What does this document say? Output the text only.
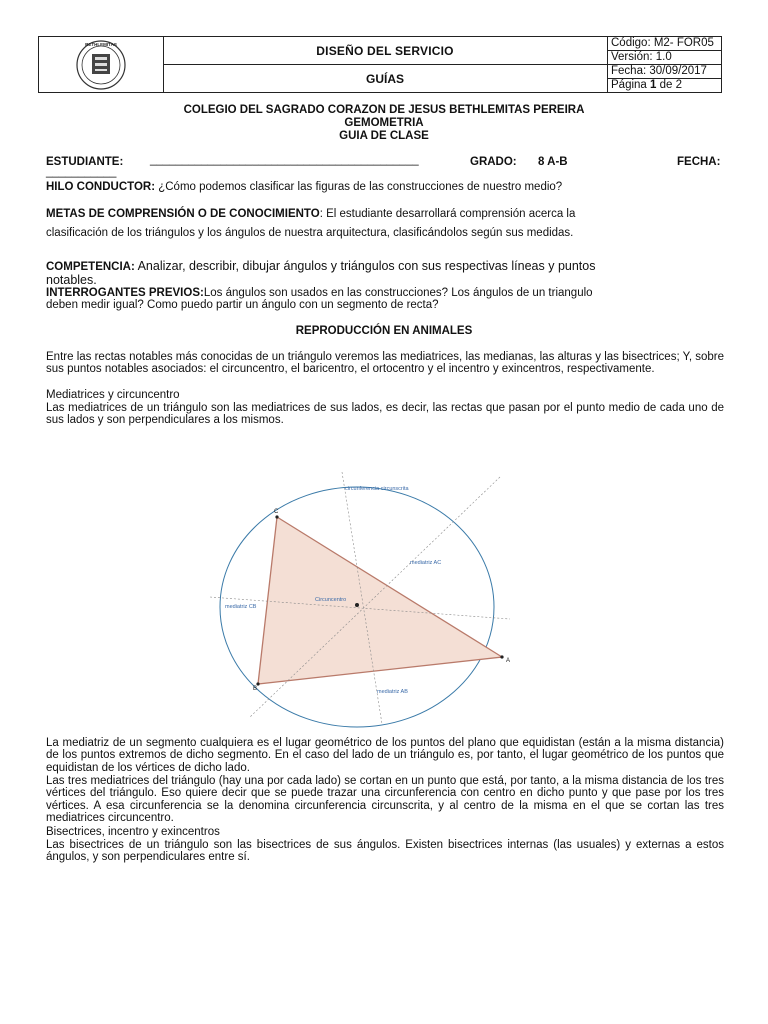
BETHLEMITAS	DISEÑO DEL SERVICIO
GUÍAS
Código: M2- FOR05
Versión: 1.0
Fecha: 30/09/2017
Página 1 de 2
COLEGIO DEL SAGRADO CORAZON DE JESUS BETHLEMITAS PEREIRA
GEMOMETRIA
GUIA DE CLASE
ESTUDIANTE: __________________________________________	GRADO: 8 A-B	FECHA:
___________
HILO CONDUCTOR: ¿Cómo podemos clasificar las figuras de las construcciones de nuestro medio?
METAS DE COMPRENSIÓN O DE CONOCIMIENTO: El estudiante desarrollará comprensión acerca la
clasificación de los triángulos y los ángulos de nuestra arquitectura, clasificándolos según sus medidas.
COMPETENCIA: Analizar, describir, dibujar ángulos y triángulos con sus respectivas líneas y puntos
notables.
INTERROGANTES PREVIOS:Los ángulos son usados en las construcciones? Los ángulos de un triangulo
deben medir igual? Como puedo partir un ángulo con un segmento de recta?
REPRODUCCIÓN EN ANIMALES
Entre las rectas notables más conocidas de un triángulo veremos las mediatrices, las medianas, las alturas y las bisectrices; Y, sobre sus puntos notables asociados: el circuncentro, el baricentro, el ortocentro y el incentro y exincentros, respectivamente.
Mediatrices y circuncentro
Las mediatrices de un triángulo son las mediatrices de sus lados, es decir, las rectas que pasan por el punto medio de cada uno de sus lados y son perpendiculares a los mismos.
circunferencia circunscrita
mediatriz AC
mediatriz CB
mediatriz AB
Circuncentro
C
A
B
La mediatriz de un segmento cualquiera es el lugar geométrico de los puntos del plano que equidistan (están a la misma distancia) de los puntos extremos de dicho segmento. En el caso del lado de un triángulo es, por tanto, el lugar geométrico de los puntos que equidistan de los vértices de dicho lado.
Las tres mediatrices del triángulo (hay una por cada lado) se cortan en un punto que está, por tanto, a la misma distancia de los tres vértices del triángulo. Eso quiere decir que se puede trazar una circunferencia con centro en dicho punto y que pase por los tres vértices. A esa circunferencia se la denomina circunferencia circunscrita, y al centro de la misma en el que se cortan las tres mediatrices circuncentro.
Bisectrices, incentro y exincentros
Las bisectrices de un triángulo son las bisectrices de sus ángulos. Existen bisectrices internas (las usuales) y externas a estos ángulos, y son perpendiculares entre sí.
